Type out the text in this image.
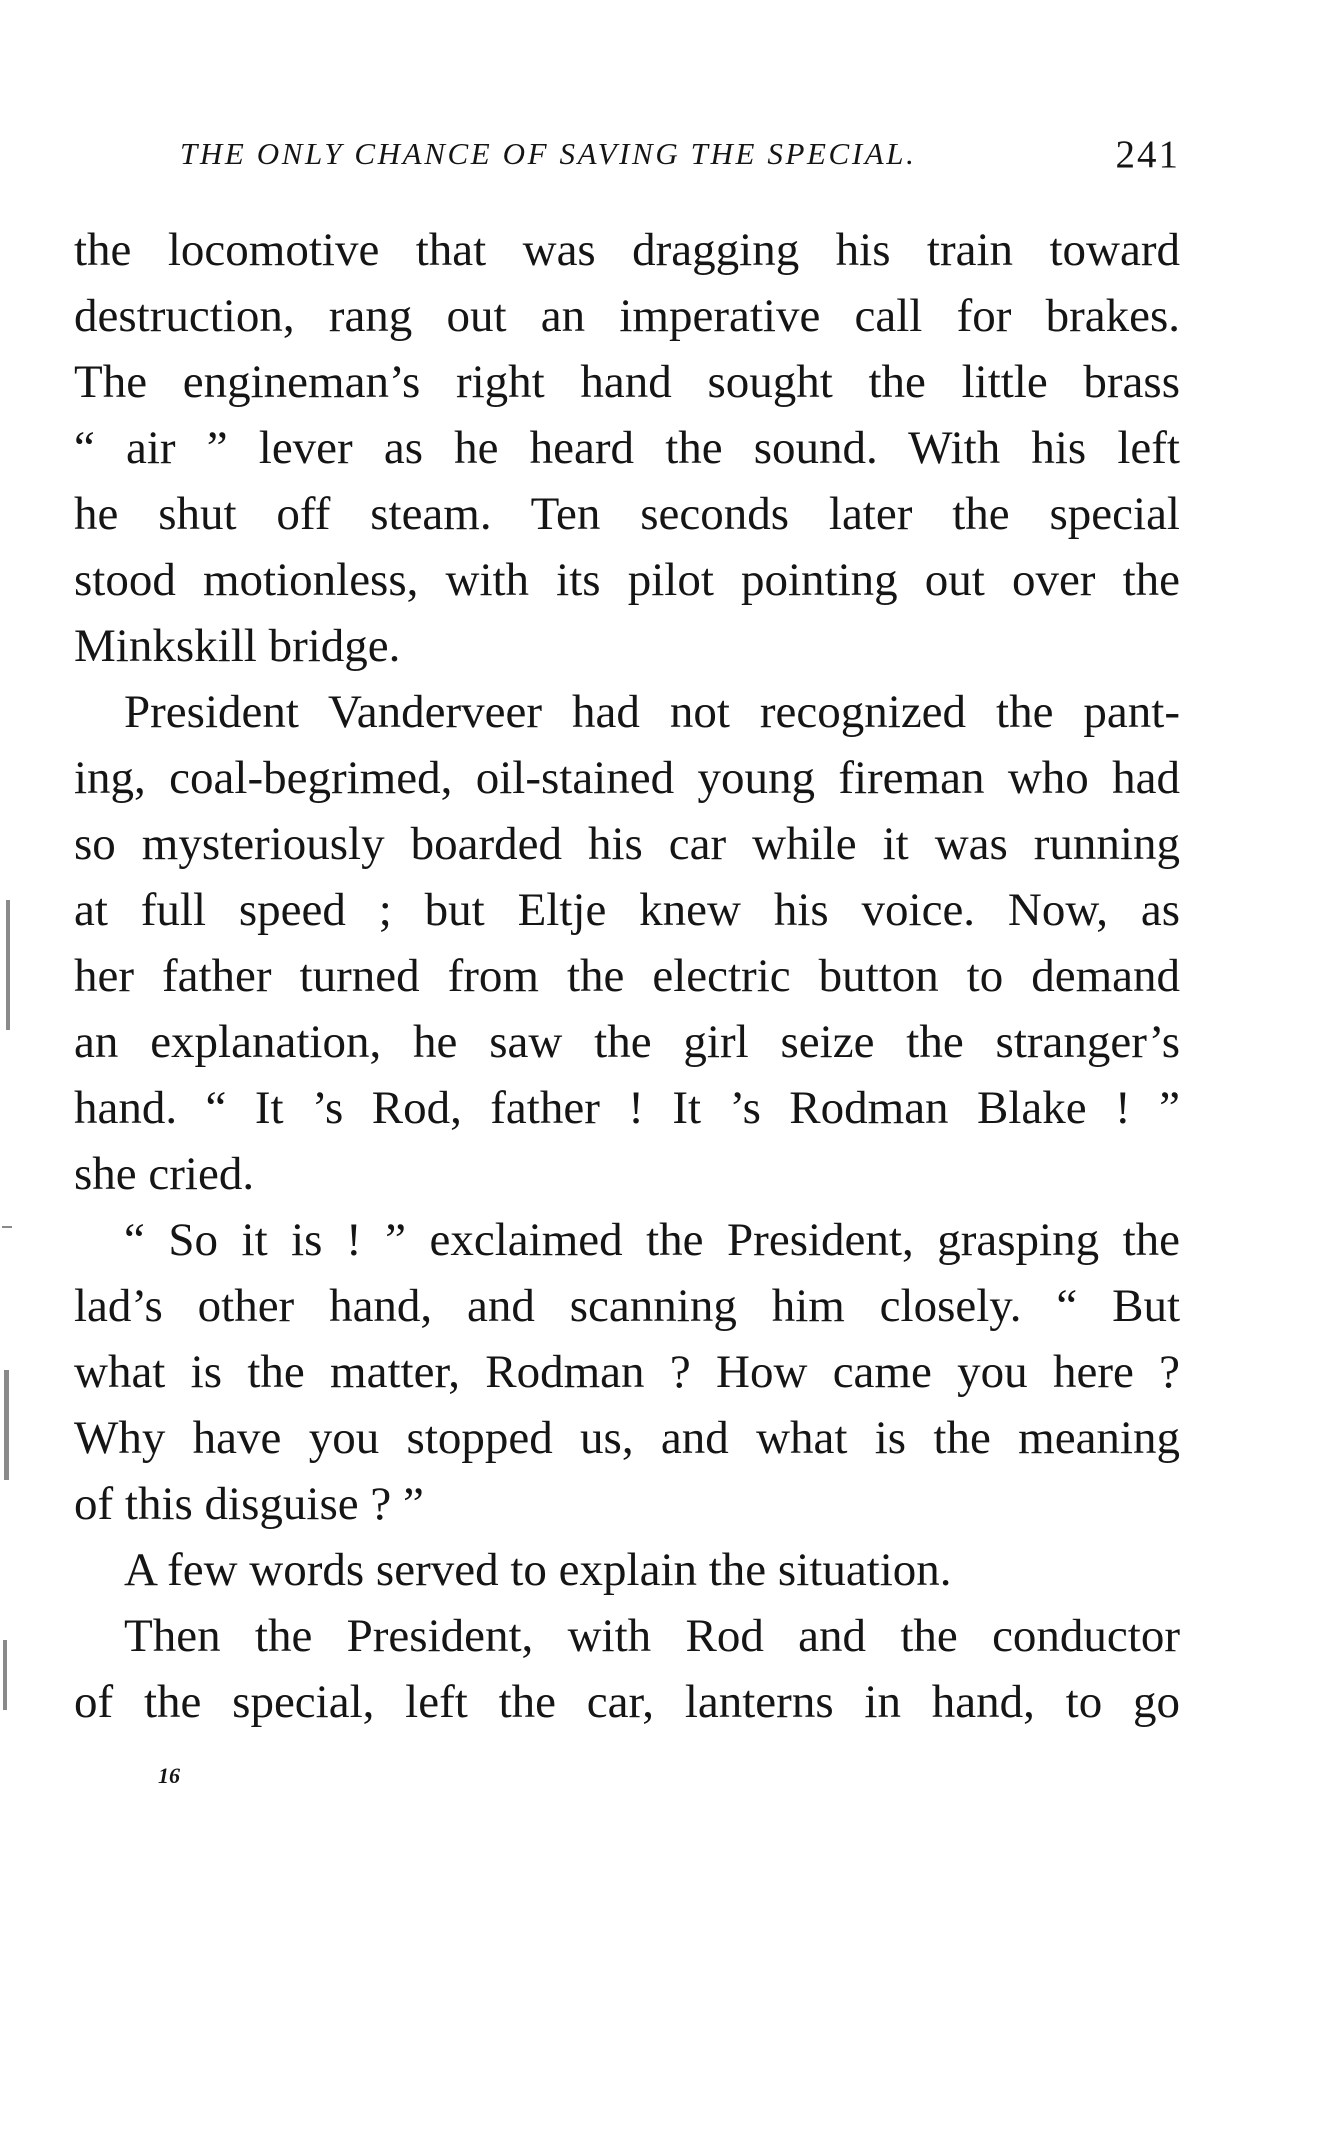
THE ONLY CHANCE OF SAVING THE SPECIAL.	241
the locomotive that was dragging his train toward
destruction, rang out an imperative call for brakes.
The engineman’s right hand sought the little brass
“ air ” lever as he heard the sound. With his left
he shut off steam. Ten seconds later the special
stood motionless, with its pilot pointing out over the
Minkskill bridge.
President Vanderveer had not recognized the pant-
ing, coal-begrimed, oil-stained young fireman who had
so mysteriously boarded his car while it was running
at full speed ; but Eltje knew his voice. Now, as
her father turned from the electric button to demand
an explanation, he saw the girl seize the stranger’s
hand. “ It ’s Rod, father ! It ’s Rodman Blake ! ”
she cried.
“ So it is ! ” exclaimed the President, grasping the
lad’s other hand, and scanning him closely. “ But
what is the matter, Rodman ? How came you here ?
Why have you stopped us, and what is the meaning
of this disguise ? ”
A few words served to explain the situation.
Then the President, with Rod and the conductor
of the special, left the car, lanterns in hand, to go
16
